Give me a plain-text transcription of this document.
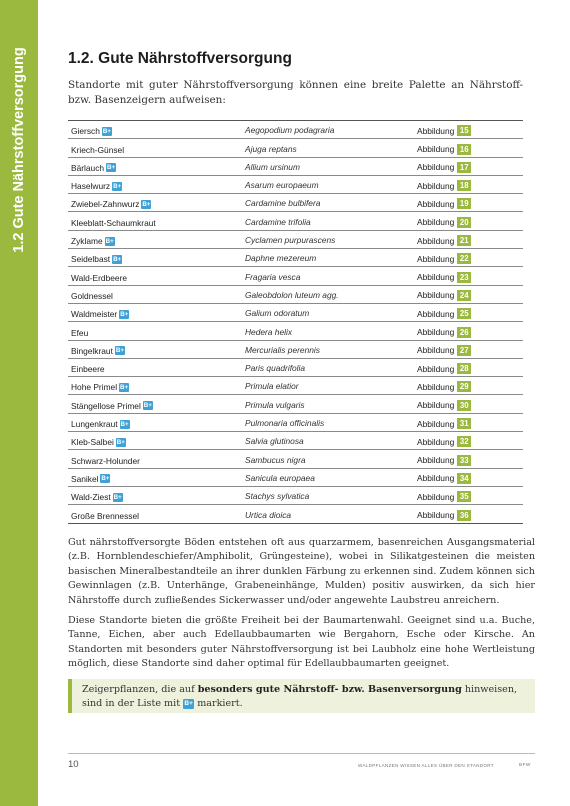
1.2 Gute Nährstoffversorgung	1.2. Gute Nährstoffversorgung

Standorte mit guter Nährstoffversorgung können eine breite Palette an Nährstoff- bzw. Basenzeigern aufweisen:

Giersch B+	Aegopodium podagraria	Abbildung 15
Kriech-Günsel	Ajuga reptans	Abbildung 16
Bärlauch B+	Allium ursinum	Abbildung 17
Haselwurz B+	Asarum europaeum	Abbildung 18
Zwiebel-Zahnwurz B+	Cardamine bulbifera	Abbildung 19
Kleeblatt-Schaumkraut	Cardamine trifolia	Abbildung 20
Zyklame B+	Cyclamen purpurascens	Abbildung 21
Seidelbast B+	Daphne mezereum	Abbildung 22
Wald-Erdbeere	Fragaria vesca	Abbildung 23
Goldnessel	Galeobdolon luteum agg.	Abbildung 24
Waldmeister B+	Galium odoratum	Abbildung 25
Efeu	Hedera helix	Abbildung 26
Bingelkraut B+	Mercurialis perennis	Abbildung 27
Einbeere	Paris quadrifolia	Abbildung 28
Hohe Primel B+	Primula elatior	Abbildung 29
Stängellose Primel B+	Primula vulgaris	Abbildung 30
Lungenkraut B+	Pulmonaria officinalis	Abbildung 31
Kleb-Salbei B+	Salvia glutinosa	Abbildung 32
Schwarz-Holunder	Sambucus nigra	Abbildung 33
Sanikel B+	Sanicula europaea	Abbildung 34
Wald-Ziest B+	Stachys sylvatica	Abbildung 35
Große Brennessel	Urtica dioica	Abbildung 36

Gut nährstoffversorgte Böden entstehen oft aus quarzarmem, basenreichen Ausgangsmaterial (z.B. Hornblendeschiefer/Amphibolit, Grüngesteine), wobei in Silikatgesteinen die meisten basischen Mineralbestandteile an ihrer dunklen Färbung zu erkennen sind. Zudem können sich Gewinnlagen (z.B. Unterhänge, Grabeneinhänge, Mulden) positiv auswirken, da sich hier Nährstoffe durch zufließendes Sickerwasser und/oder angewehte Laubstreu anreichern.

Diese Standorte bieten die größte Freiheit bei der Baumartenwahl. Geeignet sind u.a. Buche, Tanne, Eichen, aber auch Edellaubbaumarten wie Bergahorn, Esche oder Kirsche. An Standorten mit besonders guter Nährstoffversorgung ist bei Laubholz eine hohe Wertleistung möglich, diese Standorte sind daher optimal für Edellaubbaumarten geeignet.

Zeigerpflanzen, die auf besonders gute Nährstoff- bzw. Basenversorgung hinweisen, sind in der Liste mit B+ markiert.
10	WALDPFLANZEN WISSEN ALLES ÜBER DEN STANDORT	BFW
